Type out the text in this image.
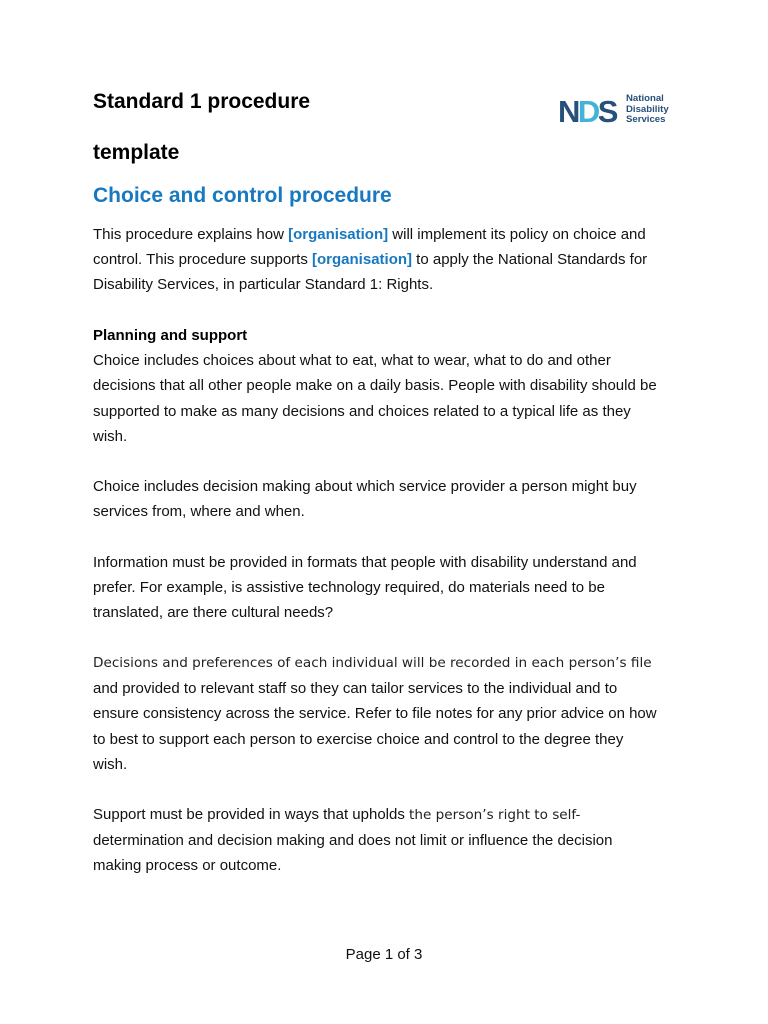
Standard 1 procedure
template
NDS National
Disability
Services
Choice and control procedure
This procedure explains how [organisation] will implement its policy on choice and
control. This procedure supports [organisation] to apply the National Standards for
Disability Services, in particular Standard 1: Rights.
Planning and support
Choice includes choices about what to eat, what to wear, what to do and other
decisions that all other people make on a daily basis. People with disability should be
supported to make as many decisions and choices related to a typical life as they
wish.
Choice includes decision making about which service provider a person might buy
services from, where and when.
Information must be provided in formats that people with disability understand and
prefer. For example, is assistive technology required, do materials need to be
translated, are there cultural needs?
Decisions and preferences of each individual will be recorded in each person’s file
and provided to relevant staff so they can tailor services to the individual and to
ensure consistency across the service. Refer to file notes for any prior advice on how
to best to support each person to exercise choice and control to the degree they
wish.
Support must be provided in ways that upholds the person’s right to self-
determination and decision making and does not limit or influence the decision
making process or outcome.
Page 1 of 3
